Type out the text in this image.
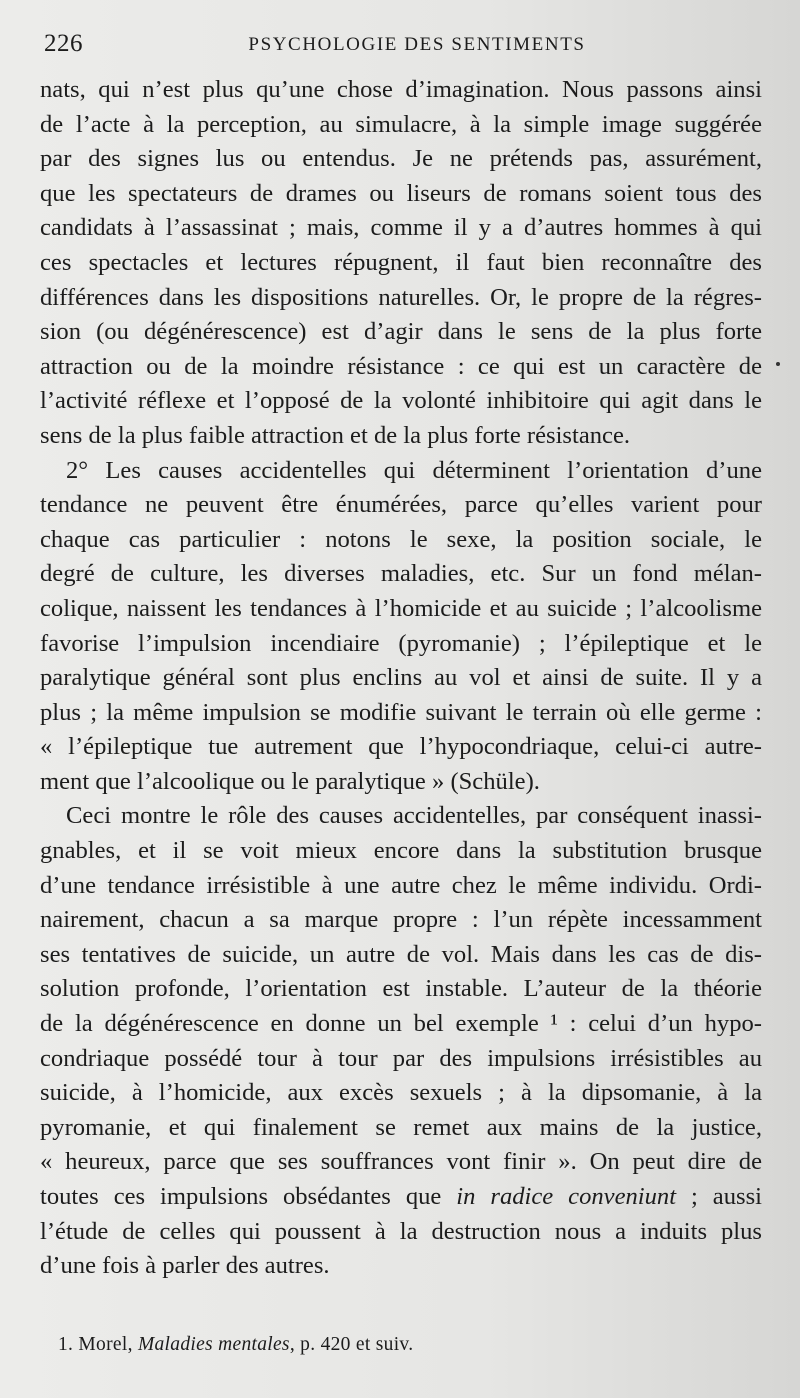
226	PSYCHOLOGIE DES SENTIMENTS

nats, qui n’est plus qu’une chose d’imagination. Nous passons ainsi
de l’acte à la perception, au simulacre, à la simple image suggérée
par des signes lus ou entendus. Je ne prétends pas, assurément,
que les spectateurs de drames ou liseurs de romans soient tous des
candidats à l’assassinat ; mais, comme il y a d’autres hommes à qui
ces spectacles et lectures répugnent, il faut bien reconnaître des
différences dans les dispositions naturelles. Or, le propre de la régres-
sion (ou dégénérescence) est d’agir dans le sens de la plus forte
attraction ou de la moindre résistance : ce qui est un caractère de
l’activité réflexe et l’opposé de la volonté inhibitoire qui agit dans le
sens de la plus faible attraction et de la plus forte résistance.

2° Les causes accidentelles qui déterminent l’orientation d’une
tendance ne peuvent être énumérées, parce qu’elles varient pour
chaque cas particulier : notons le sexe, la position sociale, le
degré de culture, les diverses maladies, etc. Sur un fond mélan-
colique, naissent les tendances à l’homicide et au suicide ; l’alcoolisme
favorise l’impulsion incendiaire (pyromanie) ; l’épileptique et le
paralytique général sont plus enclins au vol et ainsi de suite. Il y a
plus ; la même impulsion se modifie suivant le terrain où elle germe :
« l’épileptique tue autrement que l’hypocondriaque, celui-ci autre-
ment que l’alcoolique ou le paralytique » (Schüle).

Ceci montre le rôle des causes accidentelles, par conséquent inassi-
gnables, et il se voit mieux encore dans la substitution brusque
d’une tendance irrésistible à une autre chez le même individu. Ordi-
nairement, chacun a sa marque propre : l’un répète incessamment
ses tentatives de suicide, un autre de vol. Mais dans les cas de dis-
solution profonde, l’orientation est instable. L’auteur de la théorie
de la dégénérescence en donne un bel exemple ¹ : celui d’un hypo-
condriaque possédé tour à tour par des impulsions irrésistibles au
suicide, à l’homicide, aux excès sexuels ; à la dipsomanie, à la
pyromanie, et qui finalement se remet aux mains de la justice,
« heureux, parce que ses souffrances vont finir ». On peut dire de
toutes ces impulsions obsédantes que in radice conveniunt ; aussi
l’étude de celles qui poussent à la destruction nous a induits plus
d’une fois à parler des autres.

1. Morel, Maladies mentales, p. 420 et suiv.
